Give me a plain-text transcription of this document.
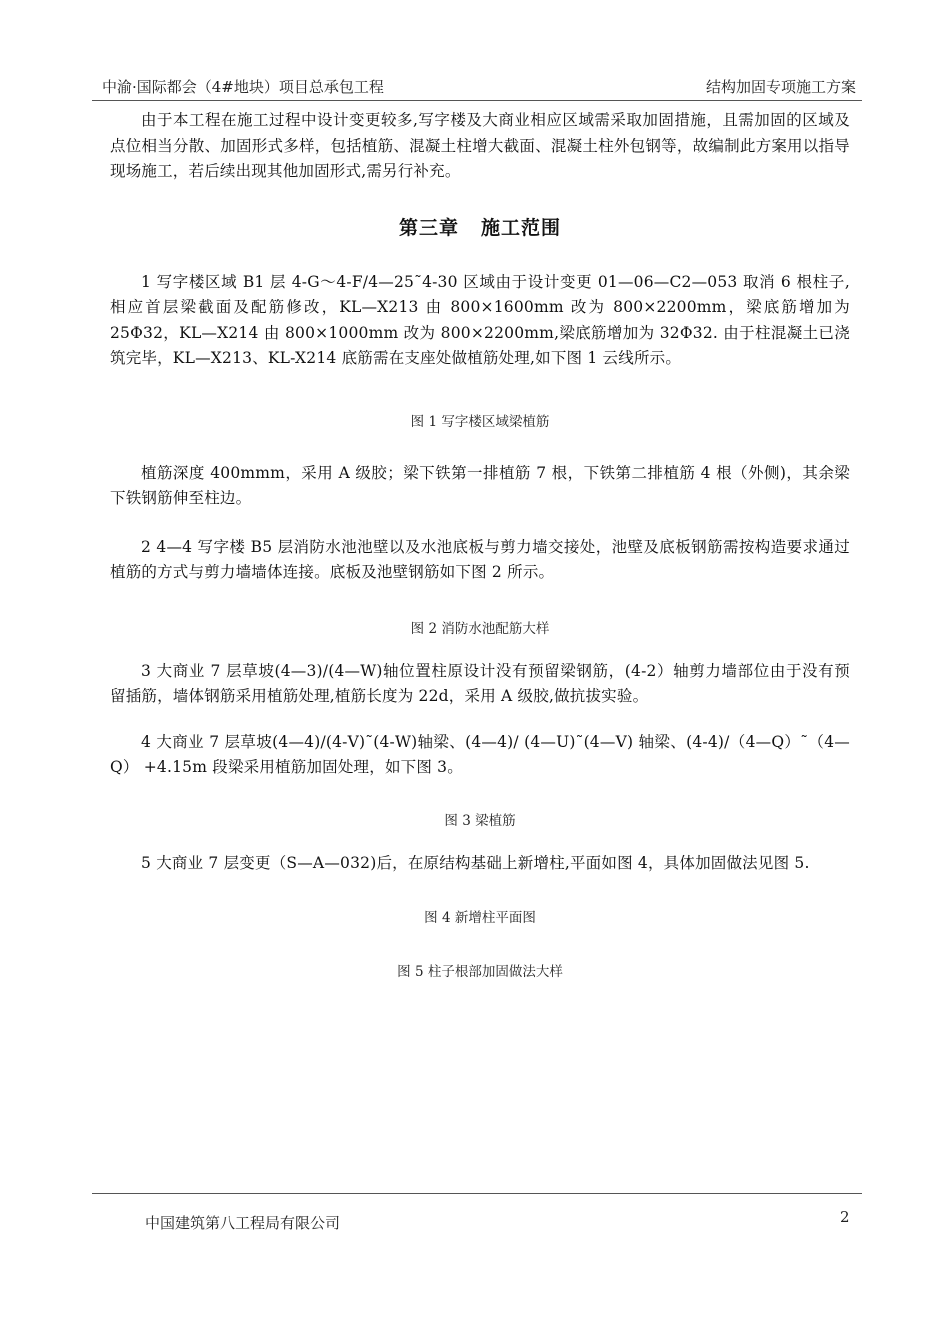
中渝·国际都会（4#地块）项目总承包工程	结构加固专项施工方案

由于本工程在施工过程中设计变更较多,写字楼及大商业相应区域需采取加固措施，且需加固的区域及点位相当分散、加固形式多样，包括植筋、混凝土柱增大截面、混凝土柱外包钢等，故编制此方案用以指导现场施工，若后续出现其他加固形式,需另行补充。

第三章 施工范围

1 写字楼区域 B1 层 4-G～4-F/4—25˜4-30 区域由于设计变更 01—06—C2—053 取消 6 根柱子,相应首层梁截面及配筋修改，KL—X213 由 800×1600mm 改为 800×2200mm，梁底筋增加为 25Φ32，KL—X214 由 800×1000mm 改为 800×2200mm,梁底筋增加为 32Φ32. 由于柱混凝土已浇筑完毕，KL—X213、KL-X214 底筋需在支座处做植筋处理,如下图 1 云线所示。

图 1 写字楼区域梁植筋

植筋深度 400mmm，采用 A 级胶；梁下铁第一排植筋 7 根，下铁第二排植筋 4 根（外侧)，其余梁下铁钢筋伸至柱边。

2 4—4 写字楼 B5 层消防水池池壁以及水池底板与剪力墙交接处，池壁及底板钢筋需按构造要求通过植筋的方式与剪力墙墙体连接。底板及池壁钢筋如下图 2 所示。

图 2 消防水池配筋大样

3 大商业 7 层草坡(4—3)/(4—W)轴位置柱原设计没有预留梁钢筋，(4-2）轴剪力墙部位由于没有预留插筋，墙体钢筋采用植筋处理,植筋长度为 22d，采用 A 级胶,做抗拔实验。

4 大商业 7 层草坡(4—4)/(4-V)˜(4-W)轴梁、(4—4)/ (4—U)˜(4—V) 轴梁、(4-4)/（4—Q）˜（4—Q） +4.15m 段梁采用植筋加固处理，如下图 3。

图 3 梁植筋

5 大商业 7 层变更（S—A—032)后，在原结构基础上新增柱,平面如图 4，具体加固做法见图 5.

图 4 新增柱平面图

图 5 柱子根部加固做法大样

中国建筑第八工程局有限公司	2
